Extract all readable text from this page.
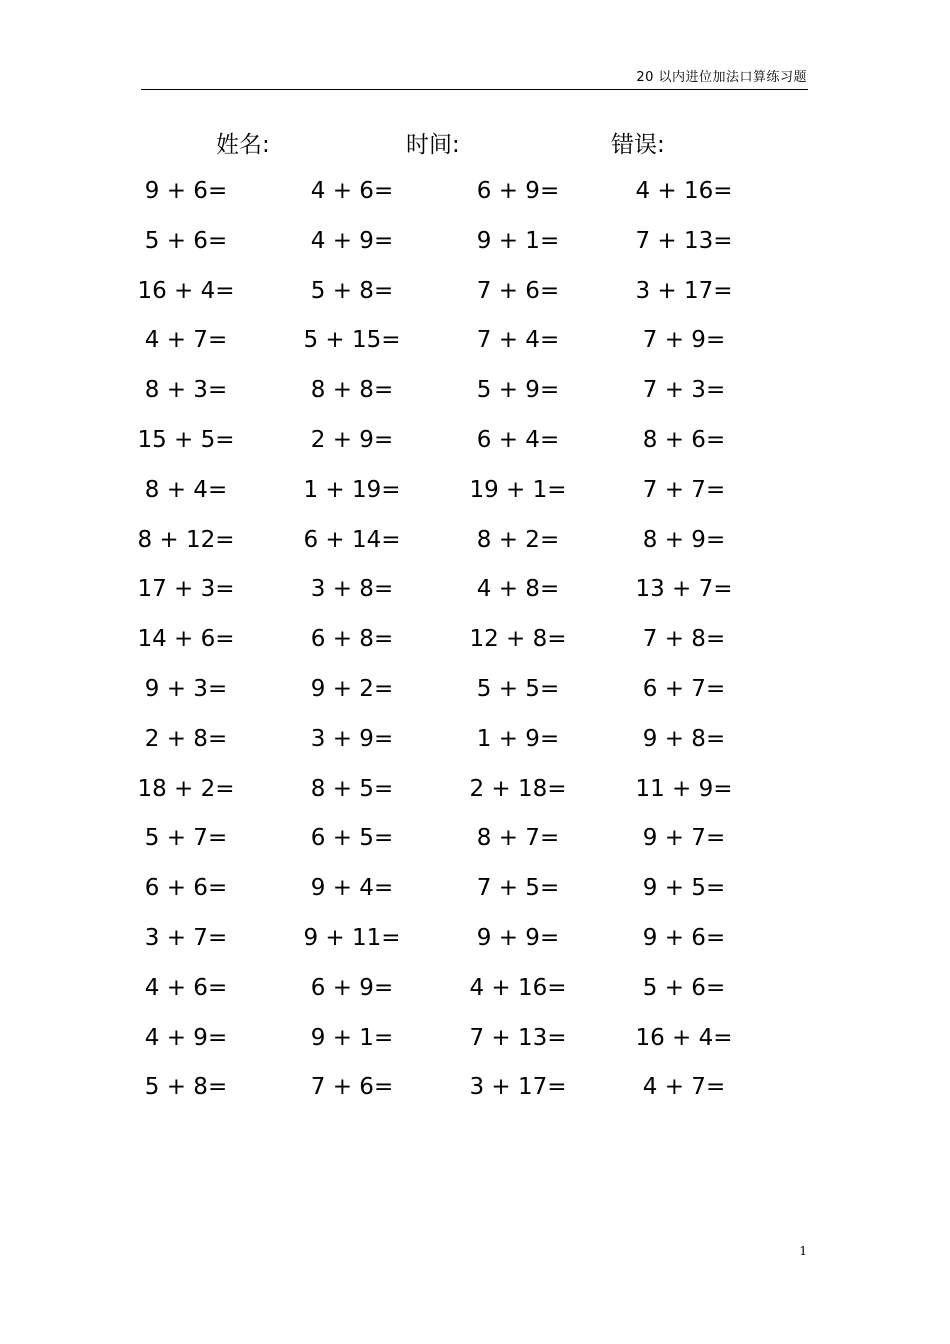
20 以内进位加法口算练习题
姓名:	时间:	错误:
9 + 6=	4 + 6=	6 + 9=	4 + 16=
5 + 6=	4 + 9=	9 + 1=	7 + 13=
16 + 4=	5 + 8=	7 + 6=	3 + 17=
4 + 7=	5 + 15=	7 + 4=	7 + 9=
8 + 3=	8 + 8=	5 + 9=	7 + 3=
15 + 5=	2 + 9=	6 + 4=	8 + 6=
8 + 4=	1 + 19=	19 + 1=	7 + 7=
8 + 12=	6 + 14=	8 + 2=	8 + 9=
17 + 3=	3 + 8=	4 + 8=	13 + 7=
14 + 6=	6 + 8=	12 + 8=	7 + 8=
9 + 3=	9 + 2=	5 + 5=	6 + 7=
2 + 8=	3 + 9=	1 + 9=	9 + 8=
18 + 2=	8 + 5=	2 + 18=	11 + 9=
5 + 7=	6 + 5=	8 + 7=	9 + 7=
6 + 6=	9 + 4=	7 + 5=	9 + 5=
3 + 7=	9 + 11=	9 + 9=	9 + 6=
4 + 6=	6 + 9=	4 + 16=	5 + 6=
4 + 9=	9 + 1=	7 + 13=	16 + 4=
5 + 8=	7 + 6=	3 + 17=	4 + 7=
1
